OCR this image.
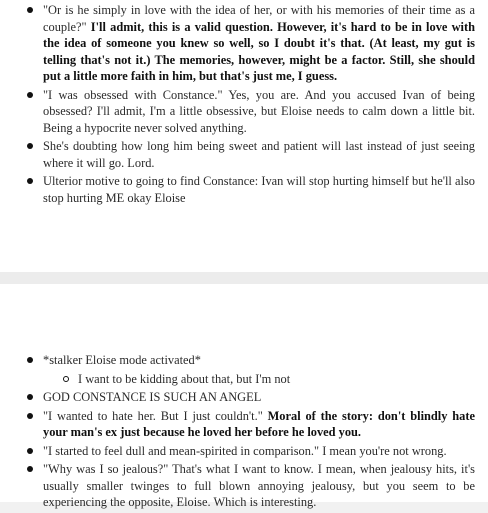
"Or is he simply in love with the idea of her, or with his memories of their time as a couple?" I'll admit, this is a valid question. However, it's hard to be in love with the idea of someone you knew so well, so I doubt it's that. (At least, my gut is telling that's not it.) The memories, however, might be a factor. Still, she should put a little more faith in him, but that's just me, I guess.
"I was obsessed with Constance." Yes, you are. And you accused Ivan of being obsessed? I'll admit, I'm a little obsessive, but Eloise needs to calm down a little bit. Being a hypocrite never solved anything.
She's doubting how long him being sweet and patient will last instead of just seeing where it will go. Lord.
Ulterior motive to going to find Constance: Ivan will stop hurting himself but he'll also stop hurting ME okay Eloise
*stalker Eloise mode activated*
I want to be kidding about that, but I'm not
GOD CONSTANCE IS SUCH AN ANGEL
"I wanted to hate her. But I just couldn't." Moral of the story: don't blindly hate your man's ex just because he loved her before he loved you.
"I started to feel dull and mean-spirited in comparison." I mean you're not wrong.
"Why was I so jealous?" That's what I want to know. I mean, when jealousy hits, it's usually smaller twinges to full blown annoying jealousy, but you seem to be experiencing the opposite, Eloise. Which is interesting.
